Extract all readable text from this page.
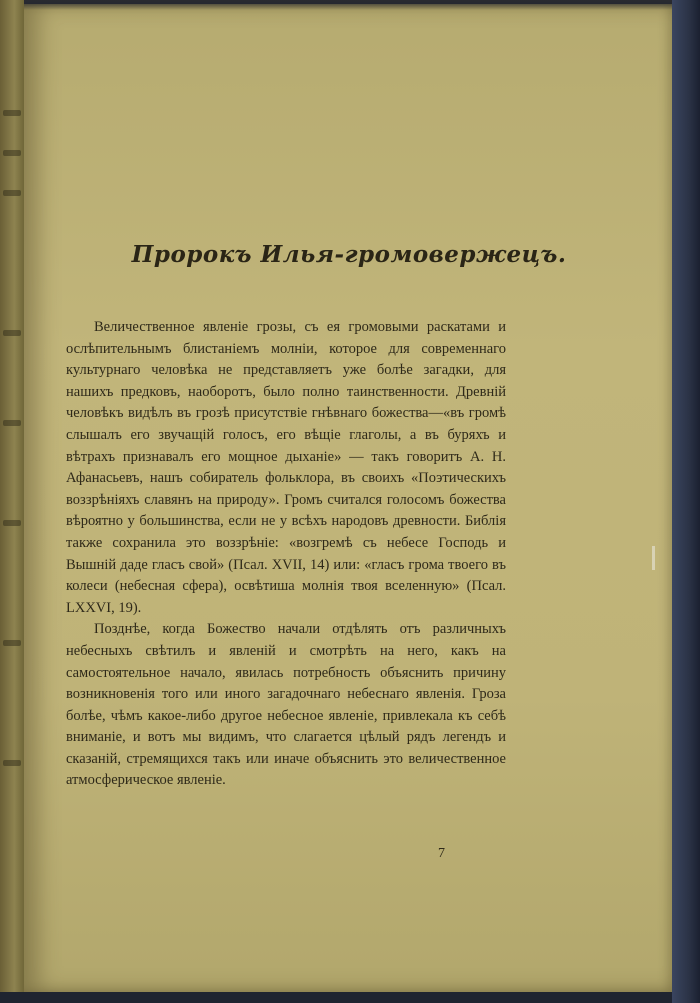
Пророкъ Илья-громовержецъ.

Величественное явленіе грозы, съ ея громовыми раскатами и ослѣпительнымъ блистаніемъ молніи, которое для современнаго культурнаго человѣка не представляетъ уже болѣе загадки, для нашихъ предковъ, наоборотъ, было полно таинственности. Древній человѣкъ видѣлъ въ грозѣ присутствіе гнѣвнаго божества—«въ громѣ слышалъ его звучащій голосъ, его вѣщіе глаголы, а въ буряхъ и вѣтрахъ признавалъ его мощное дыханіе» — такъ говоритъ А. Н. Афанасьевъ, нашъ собиратель фольклора, въ своихъ «Поэтическихъ воззрѣніяхъ славянъ на природу». Громъ считался голосомъ божества вѣроятно у большинства, если не у всѣхъ народовъ древности. Библія также сохранила это воззрѣніе: «возгремѣ съ небесе Господь и Вышній даде гласъ свой» (Псал. XVII, 14) или: «гласъ грома твоего въ колеси (небесная сфера), освѣтиша молнія твоя вселенную» (Псал. LXXVI, 19).

Позднѣе, когда Божество начали отдѣлять отъ различныхъ небесныхъ свѣтилъ и явленій и смотрѣть на него, какъ на самостоятельное начало, явилась потребность объяснить причину возникновенія того или иного загадочнаго небеснаго явленія. Гроза болѣе, чѣмъ какое-либо другое небесное явленіе, привлекала къ себѣ вниманіе, и вотъ мы видимъ, что слагается цѣлый рядъ легендъ и сказаній, стремящихся такъ или иначе объяснить это величественное атмосферическое явленіе.

7
